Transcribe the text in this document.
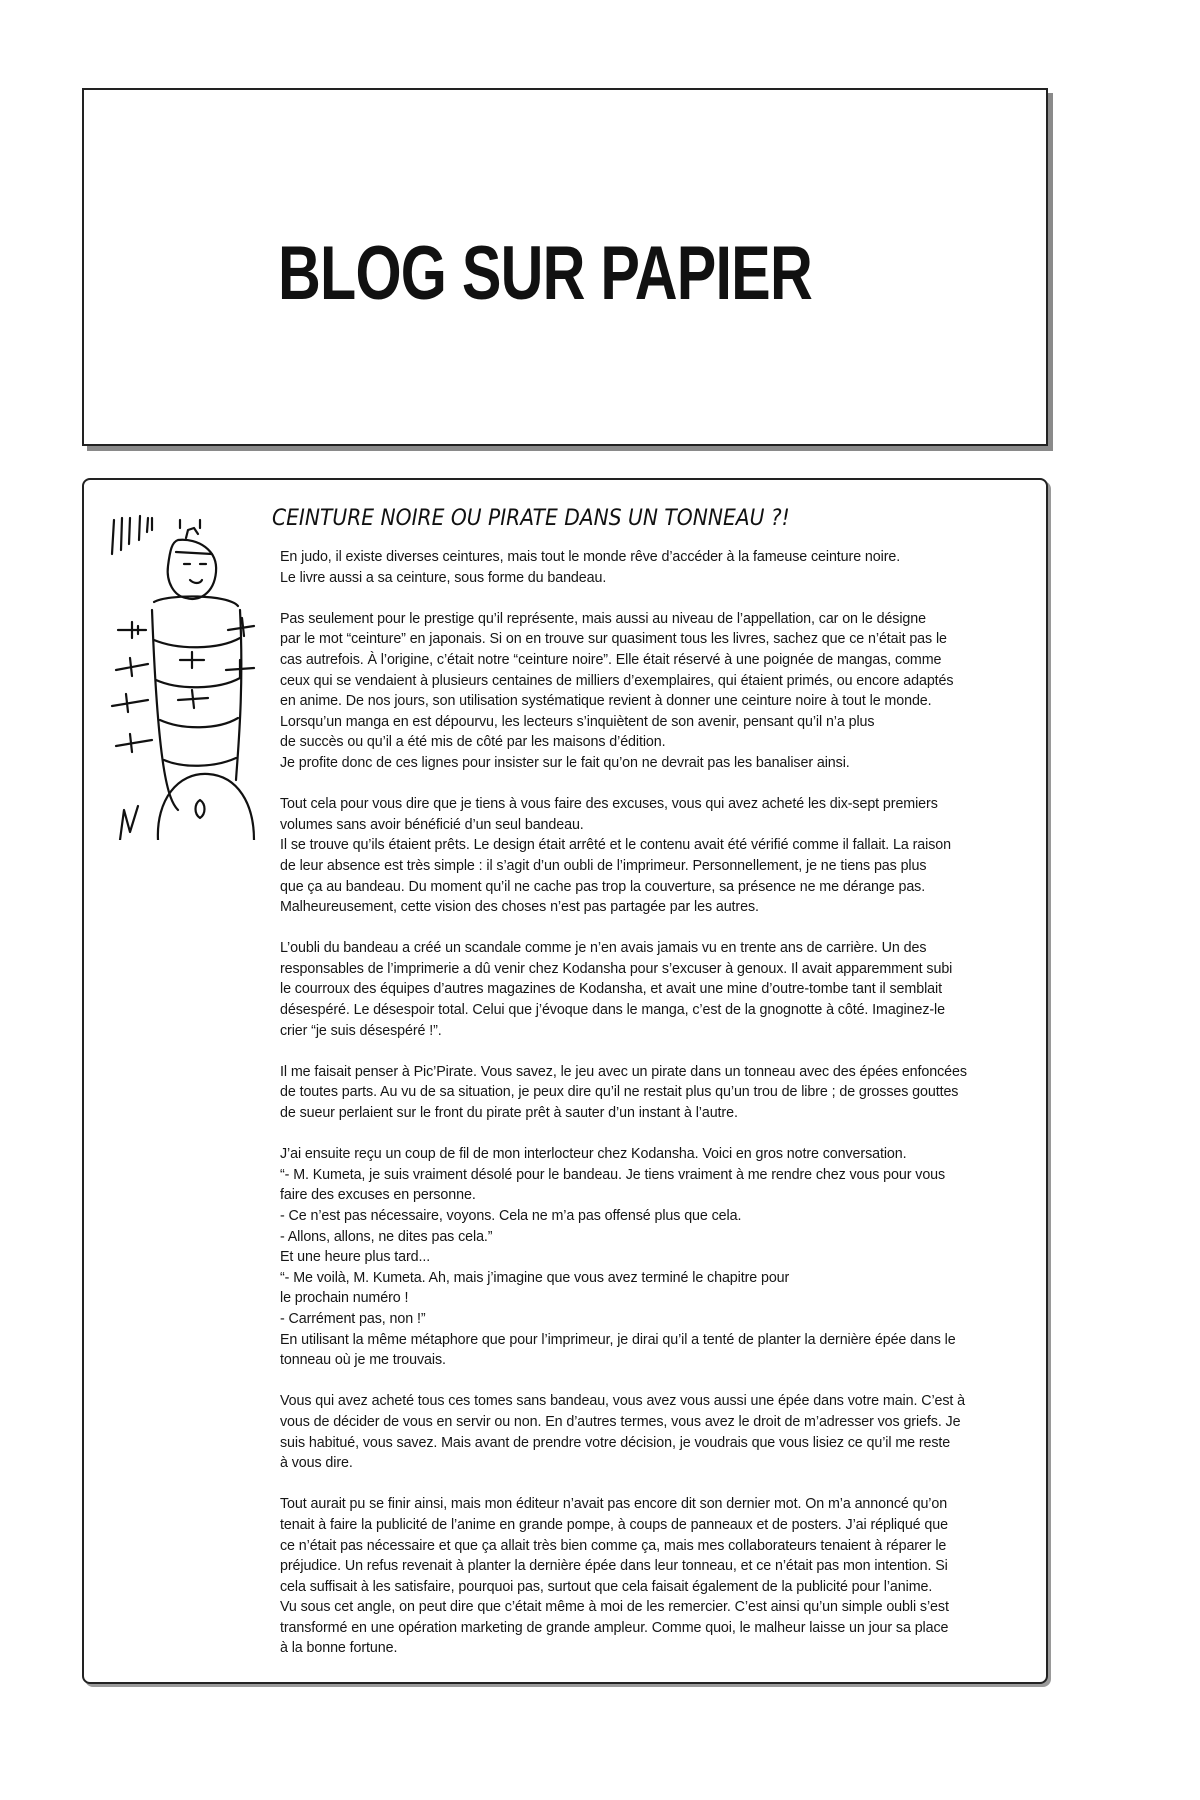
BLOG SUR PAPIER
CEINTURE NOIRE OU PIRATE DANS UN TONNEAU ?!

En judo, il existe diverses ceintures, mais tout le monde rêve d’accéder à la fameuse ceinture noire.
Le livre aussi a sa ceinture, sous forme du bandeau.

Pas seulement pour le prestige qu’il représente, mais aussi au niveau de l’appellation, car on le désigne
par le mot “ceinture” en japonais. Si on en trouve sur quasiment tous les livres, sachez que ce n’était pas le
cas autrefois. À l’origine, c’était notre “ceinture noire”. Elle était réservé à une poignée de mangas, comme
ceux qui se vendaient à plusieurs centaines de milliers d’exemplaires, qui étaient primés, ou encore adaptés
en anime. De nos jours, son utilisation systématique revient à donner une ceinture noire à tout le monde.
Lorsqu’un manga en est dépourvu, les lecteurs s’inquiètent de son avenir, pensant qu’il n’a plus
de succès ou qu’il a été mis de côté par les maisons d’édition.
Je profite donc de ces lignes pour insister sur le fait qu’on ne devrait pas les banaliser ainsi.

Tout cela pour vous dire que je tiens à vous faire des excuses, vous qui avez acheté les dix-sept premiers
volumes sans avoir bénéficié d’un seul bandeau.
Il se trouve qu’ils étaient prêts. Le design était arrêté et le contenu avait été vérifié comme il fallait. La raison
de leur absence est très simple : il s’agit d’un oubli de l’imprimeur. Personnellement, je ne tiens pas plus
que ça au bandeau. Du moment qu’il ne cache pas trop la couverture, sa présence ne me dérange pas.
Malheureusement, cette vision des choses n’est pas partagée par les autres.

L’oubli du bandeau a créé un scandale comme je n’en avais jamais vu en trente ans de carrière. Un des
responsables de l’imprimerie a dû venir chez Kodansha pour s’excuser à genoux. Il avait apparemment subi
le courroux des équipes d’autres magazines de Kodansha, et avait une mine d’outre-tombe tant il semblait
désespéré. Le désespoir total. Celui que j’évoque dans le manga, c’est de la gnognotte à côté. Imaginez-le
crier “je suis désespéré !”.

Il me faisait penser à Pic’Pirate. Vous savez, le jeu avec un pirate dans un tonneau avec des épées enfoncées
de toutes parts. Au vu de sa situation, je peux dire qu’il ne restait plus qu’un trou de libre ; de grosses gouttes
de sueur perlaient sur le front du pirate prêt à sauter d’un instant à l’autre.

J’ai ensuite reçu un coup de fil de mon interlocteur chez Kodansha. Voici en gros notre conversation.
“- M. Kumeta, je suis vraiment désolé pour le bandeau. Je tiens vraiment à me rendre chez vous pour vous
faire des excuses en personne.
- Ce n’est pas nécessaire, voyons. Cela ne m’a pas offensé plus que cela.
- Allons, allons, ne dites pas cela.”
Et une heure plus tard...
“- Me voilà, M. Kumeta. Ah, mais j’imagine que vous avez terminé le chapitre pour
le prochain numéro !
- Carrément pas, non !”
En utilisant la même métaphore que pour l’imprimeur, je dirai qu’il a tenté de planter la dernière épée dans le
tonneau où je me trouvais.

Vous qui avez acheté tous ces tomes sans bandeau, vous avez vous aussi une épée dans votre main. C’est à
vous de décider de vous en servir ou non. En d’autres termes, vous avez le droit de m’adresser vos griefs. Je
suis habitué, vous savez. Mais avant de prendre votre décision, je voudrais que vous lisiez ce qu’il me reste
à vous dire.

Tout aurait pu se finir ainsi, mais mon éditeur n’avait pas encore dit son dernier mot. On m’a annoncé qu’on
tenait à faire la publicité de l’anime en grande pompe, à coups de panneaux et de posters. J’ai répliqué que
ce n’était pas nécessaire et que ça allait très bien comme ça, mais mes collaborateurs tenaient à réparer le
préjudice. Un refus revenait à planter la dernière épée dans leur tonneau, et ce n’était pas mon intention. Si
cela suffisait à les satisfaire, pourquoi pas, surtout que cela faisait également de la publicité pour l’anime.
Vu sous cet angle, on peut dire que c’était même à moi de les remercier. C’est ainsi qu’un simple oubli s’est
transformé en une opération marketing de grande ampleur. Comme quoi, le malheur laisse un jour sa place
à la bonne fortune.
